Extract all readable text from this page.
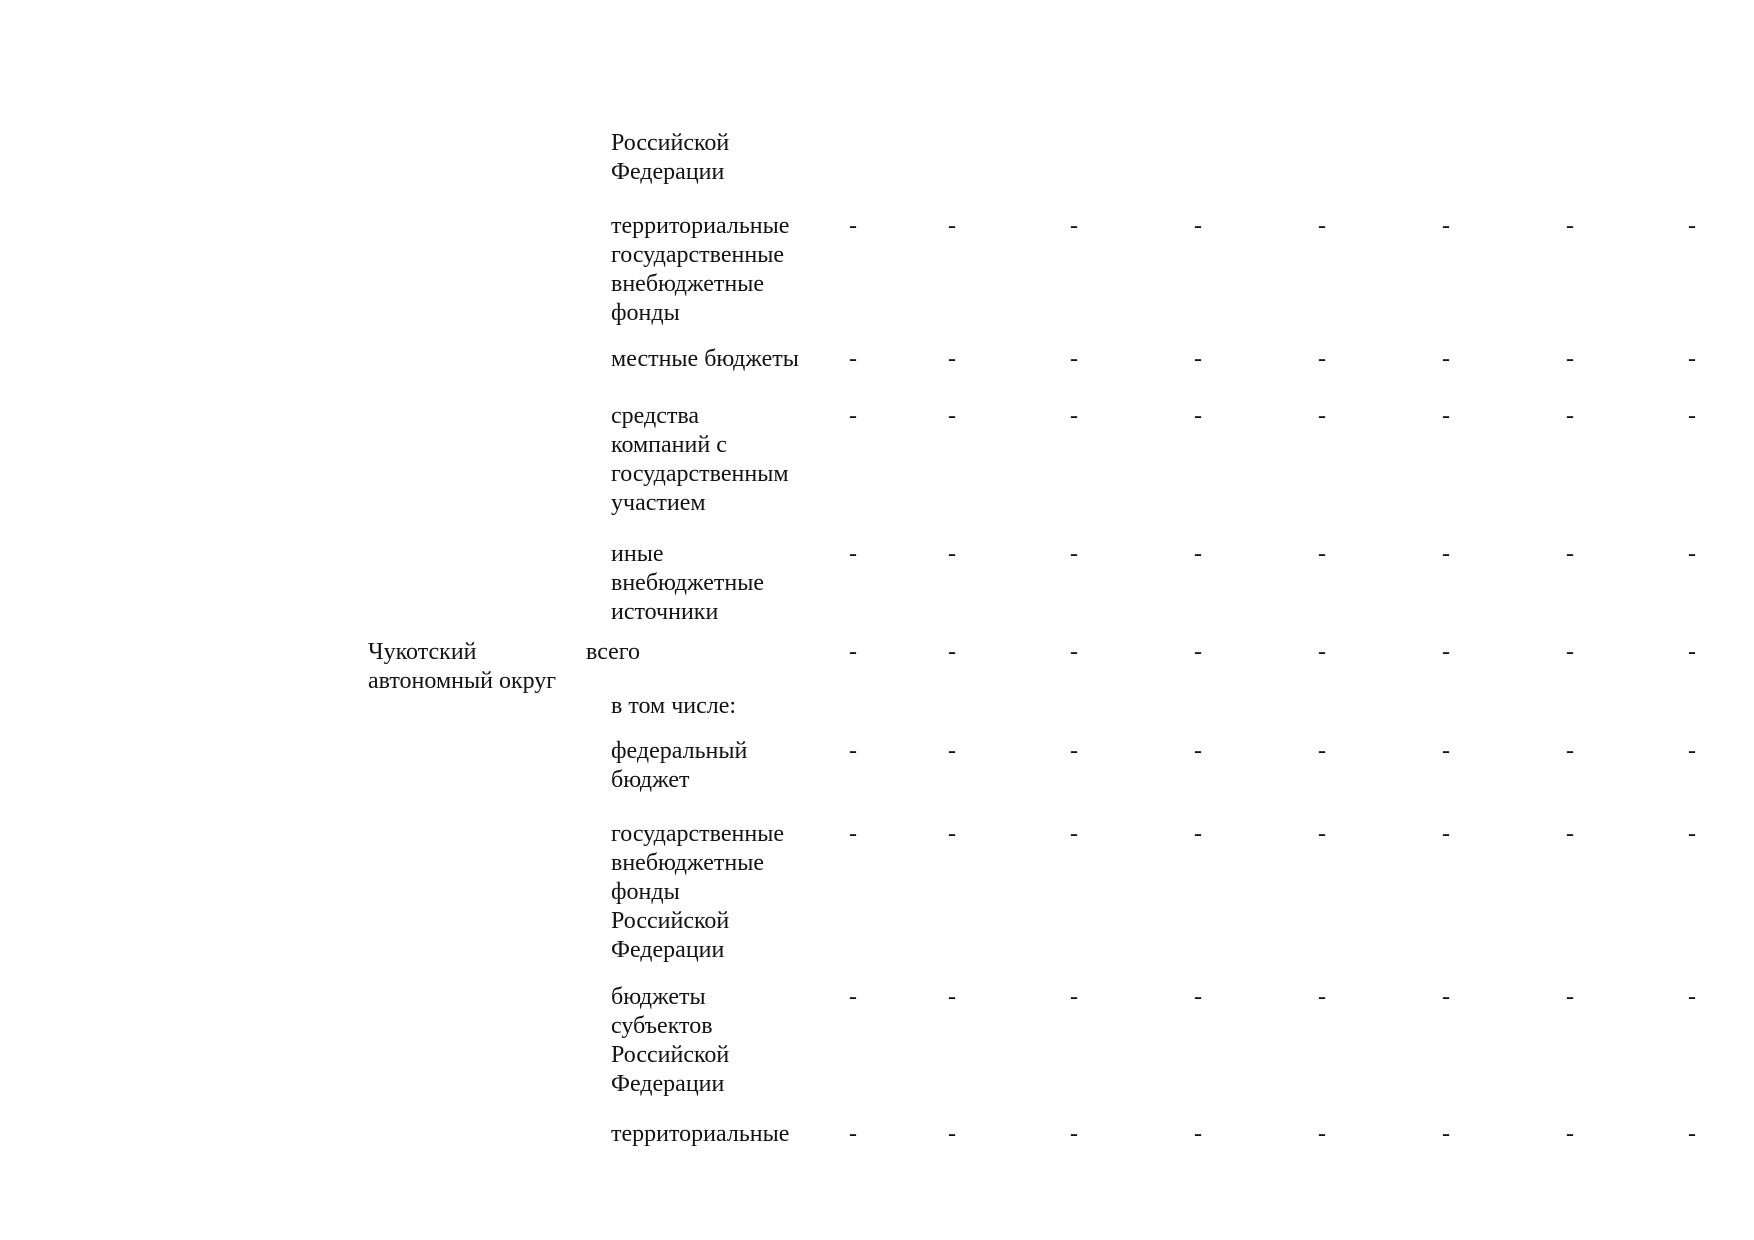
Российской
Федерации
территориальные
государственные
внебюджетные
фонды
-	-	-	-	-	-	-	-
местные бюджеты	-	-	-	-	-	-	-	-
средства
компаний с
государственным
участием
-	-	-	-	-	-	-	-
иные
внебюджетные
источники
-	-	-	-	-	-	-	-
Чукотский
автономный округ
всего	-	-	-	-	-	-	-	-
в том числе:
федеральный
бюджет
-	-	-	-	-	-	-	-
государственные
внебюджетные
фонды
Российской
Федерации
-	-	-	-	-	-	-	-
бюджеты
субъектов
Российской
Федерации
-	-	-	-	-	-	-	-
территориальные	-	-	-	-	-	-	-	-
